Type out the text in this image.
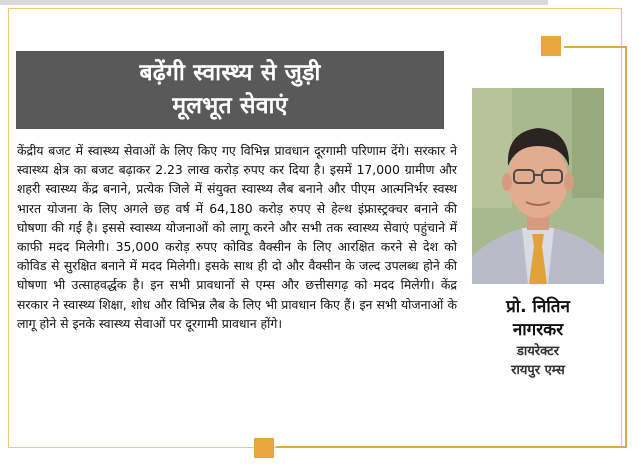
बढ़ेंगी स्वास्थ्य से जुड़ी
मूलभूत सेवाएं

केंद्रीय बजट में स्वास्थ्य सेवाओं के लिए किए गए विभिन्न प्रावधान दूरगामी परिणाम देंगे। सरकार ने स्वास्थ्य क्षेत्र का बजट बढ़ाकर 2.23 लाख करोड़ रुपए कर दिया है। इसमें 17,000 ग्रामीण और शहरी स्वास्थ्य केंद्र बनाने, प्रत्येक जिले में संयुक्त स्वास्थ्य लैब बनाने और पीएम आत्मनिर्भर स्वस्थ भारत योजना के लिए अगले छह वर्ष में 64,180 करोड़ रुपए से हेल्थ इंफ्रास्ट्रक्चर बनाने की घोषणा की गई है। इससे स्वास्थ्य योजनाओं को लागू करने और सभी तक स्वास्थ्य सेवाएं पहुंचाने में काफी मदद मिलेगी। 35,000 करोड़ रुपए कोविड वैक्सीन के लिए आरक्षित करने से देश को कोविड से सुरक्षित बनाने में मदद मिलेगी। इसके साथ ही दो और वैक्सीन के जल्द उपलब्ध होने की घोषणा भी उत्साहवर्द्धक है। इन सभी प्रावधानों से एम्स और छत्तीसगढ़ को मदद मिलेगी। केंद्र सरकार ने स्वास्थ्य शिक्षा, शोध और विभिन्न लैब के लिए भी प्रावधान किए हैं। इन सभी योजनाओं के लागू होने से इनके स्वास्थ्य सेवाओं पर दूरगामी प्रावधान होंगे।

प्रो. नितिन
नागरकर
डायरेक्टर
रायपुर एम्स
